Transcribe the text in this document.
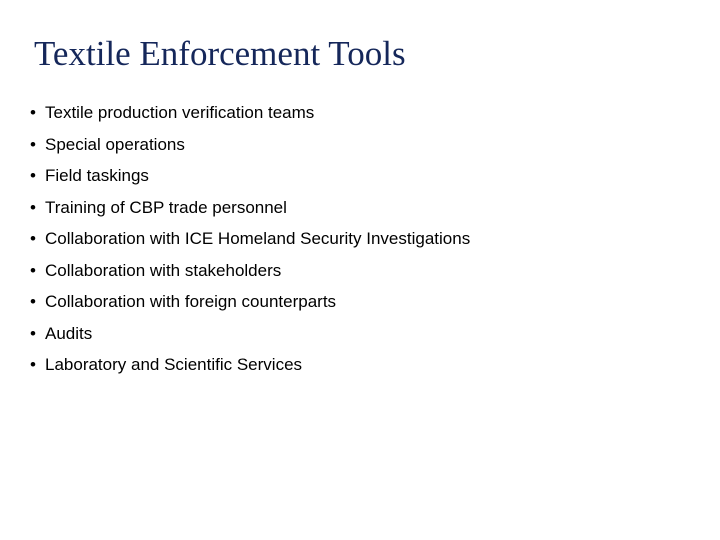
Textile Enforcement Tools
• Textile production verification teams
• Special operations
• Field taskings
• Training of CBP trade personnel
• Collaboration with ICE Homeland Security Investigations
• Collaboration with stakeholders
• Collaboration with foreign counterparts
• Audits
• Laboratory and Scientific Services
